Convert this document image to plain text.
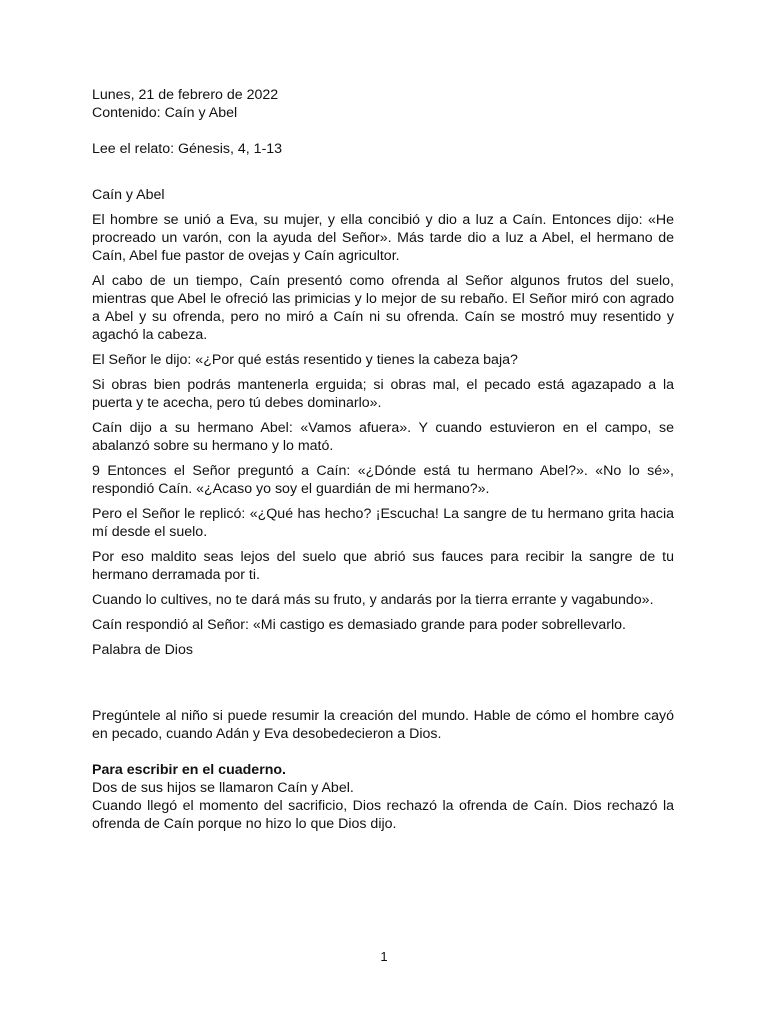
Lunes, 21 de febrero de 2022

Contenido: Caín y Abel

Lee el relato: Génesis, 4, 1-13

Caín y Abel

El hombre se unió a Eva, su mujer, y ella concibió y dio a luz a Caín. Entonces dijo: «He procreado un varón, con la ayuda del Señor». Más tarde dio a luz a Abel, el hermano de Caín, Abel fue pastor de ovejas y Caín agricultor.

Al cabo de un tiempo, Caín presentó como ofrenda al Señor algunos frutos del suelo, mientras que Abel le ofreció las primicias y lo mejor de su rebaño. El Señor miró con agrado a Abel y su ofrenda, pero no miró a Caín ni su ofrenda. Caín se mostró muy resentido y agachó la cabeza.

El Señor le dijo: «¿Por qué estás resentido y tienes la cabeza baja?

Si obras bien podrás mantenerla erguida; si obras mal, el pecado está agazapado a la puerta y te acecha, pero tú debes dominarlo».

Caín dijo a su hermano Abel: «Vamos afuera». Y cuando estuvieron en el campo, se abalanzó sobre su hermano y lo mató.

9 Entonces el Señor preguntó a Caín: «¿Dónde está tu hermano Abel?». «No lo sé», respondió Caín. «¿Acaso yo soy el guardián de mi hermano?».

Pero el Señor le replicó: «¿Qué has hecho? ¡Escucha! La sangre de tu hermano grita hacia mí desde el suelo.

Por eso maldito seas lejos del suelo que abrió sus fauces para recibir la sangre de tu hermano derramada por ti.

Cuando lo cultives, no te dará más su fruto, y andarás por la tierra errante y vagabundo».

Caín respondió al Señor: «Mi castigo es demasiado grande para poder sobrellevarlo.

Palabra de Dios

Pregúntele al niño si puede resumir la creación del mundo. Hable de cómo el hombre cayó en pecado, cuando Adán y Eva desobedecieron a Dios.

Para escribir en el cuaderno.

Dos de sus hijos se llamaron Caín y Abel.

Cuando llegó el momento del sacrificio, Dios rechazó la ofrenda de Caín. Dios rechazó la ofrenda de Caín porque no hizo lo que Dios dijo.

1
